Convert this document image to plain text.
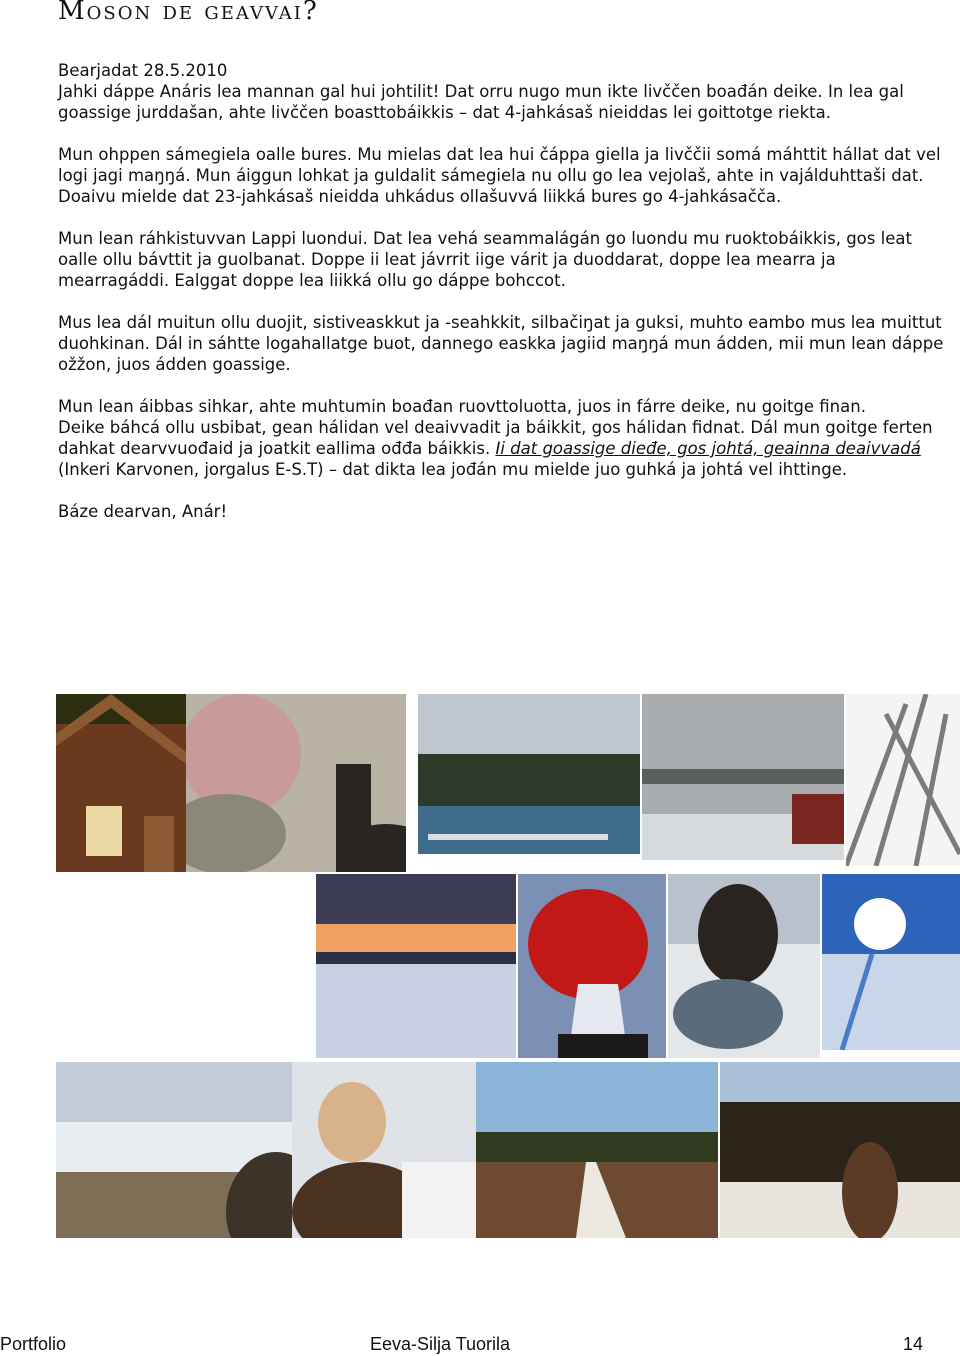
Moson de geavvai?

Bearjadat 28.5.2010

Jahki dáppe Anáris lea mannan gal hui johtilit! Dat orru nugo mun ikte livččen boađán deike. In lea gal goassige jurddašan, ahte livččen boasttobáikkis – dat 4-jahkásaš nieiddas lei goittotge riekta.

Mun ohppen sámegiela oalle bures. Mu mielas dat lea hui čáppa giella ja livččii somá máhttit hállat dat vel logi jagi maŋŋá. Mun áiggun lohkat ja guldalit sámegiela nu ollu go lea vejolaš, ahte in vajálduhttaši dat. Doaivu mielde dat 23-jahkásaš nieidda uhkádus ollašuvvá liikká bures go 4-jahkásačča.

Mun lean ráhkistuvvan Lappi luondui. Dat lea vehá seammalágán go luondu mu ruoktobáikkis, gos leat oalle ollu bávttit ja guolbanat. Doppe ii leat jávrrit iige várit ja duoddarat, doppe lea mearra ja mearragáddi. Ealggat doppe lea liikká ollu go dáppe bohccot.

Mus lea dál muitun ollu duojit, sistiveaskkut ja -seahkkit, silbačiŋat ja guksi, muhto eambo mus lea muittut duohkinan. Dál in sáhtte logahallatge buot, dannego easkka jagiid maŋŋá mun ádden, mii mun lean dáppe ožžon, juos ádden goassige.

Mun lean áibbas sihkar, ahte muhtumin boađan ruovttoluotta, juos in fárre deike, nu goitge finan.

Deike báhcá ollu usbibat, gean hálidan vel deaivvadit ja báikkit, gos hálidan fidnat. Dál mun goitge ferten dahkat dearvvuođaid ja joatkit eallima ođđa báikkis. Ii dat goassige dieđe, gos johtá, geainna deaivvadá (Inkeri Karvonen, jorgalus E-S.T) – dat dikta lea jođán mu mielde juo guhká ja johtá vel ihttinge.

Báze dearvan, Anár!

Portfolio	Eeva-Silja Tuorila	14
